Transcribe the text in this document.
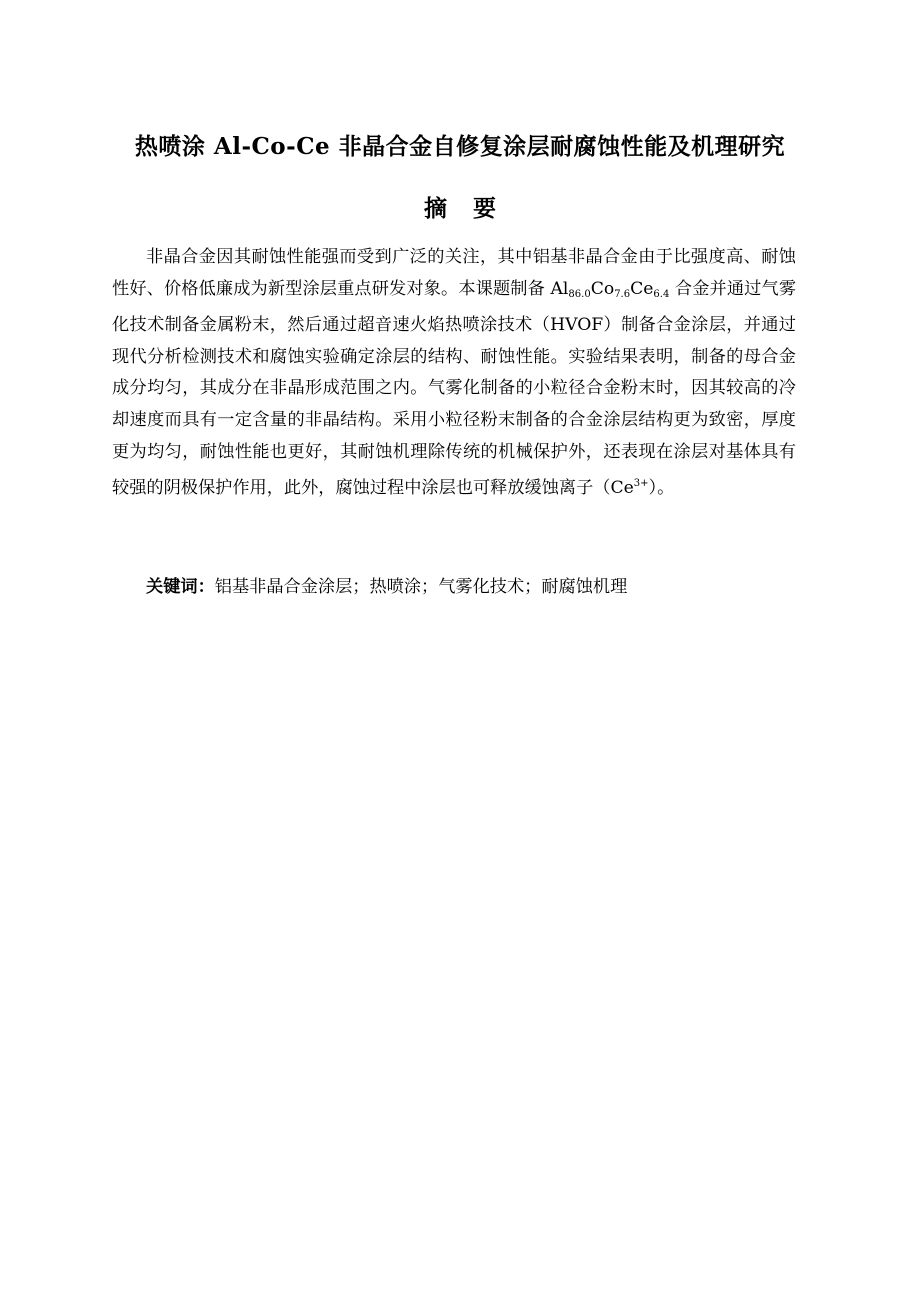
热喷涂 Al-Co-Ce 非晶合金自修复涂层耐腐蚀性能及机理研究
摘 要

非晶合金因其耐蚀性能强而受到广泛的关注，其中铝基非晶合金由于比强度高、耐蚀性好、价格低廉成为新型涂层重点研发对象。本课题制备 $Al_{86.0}Co_{7.6}Ce_{6.4}$ 合金并通过气雾化技术制备金属粉末，然后通过超音速火焰热喷涂技术（HVOF）制备合金涂层，并通过现代分析检测技术和腐蚀实验确定涂层的结构、耐蚀性能。实验结果表明，制备的母合金成分均匀，其成分在非晶形成范围之内。气雾化制备的小粒径合金粉末时，因其较高的冷却速度而具有一定含量的非晶结构。采用小粒径粉末制备的合金涂层结构更为致密，厚度更为均匀，耐蚀性能也更好，其耐蚀机理除传统的机械保护外，还表现在涂层对基体具有较强的阴极保护作用，此外，腐蚀过程中涂层也可释放缓蚀离子$(Ce^{3+})$。

关键词：铝基非晶合金涂层；热喷涂；气雾化技术；耐腐蚀机理
